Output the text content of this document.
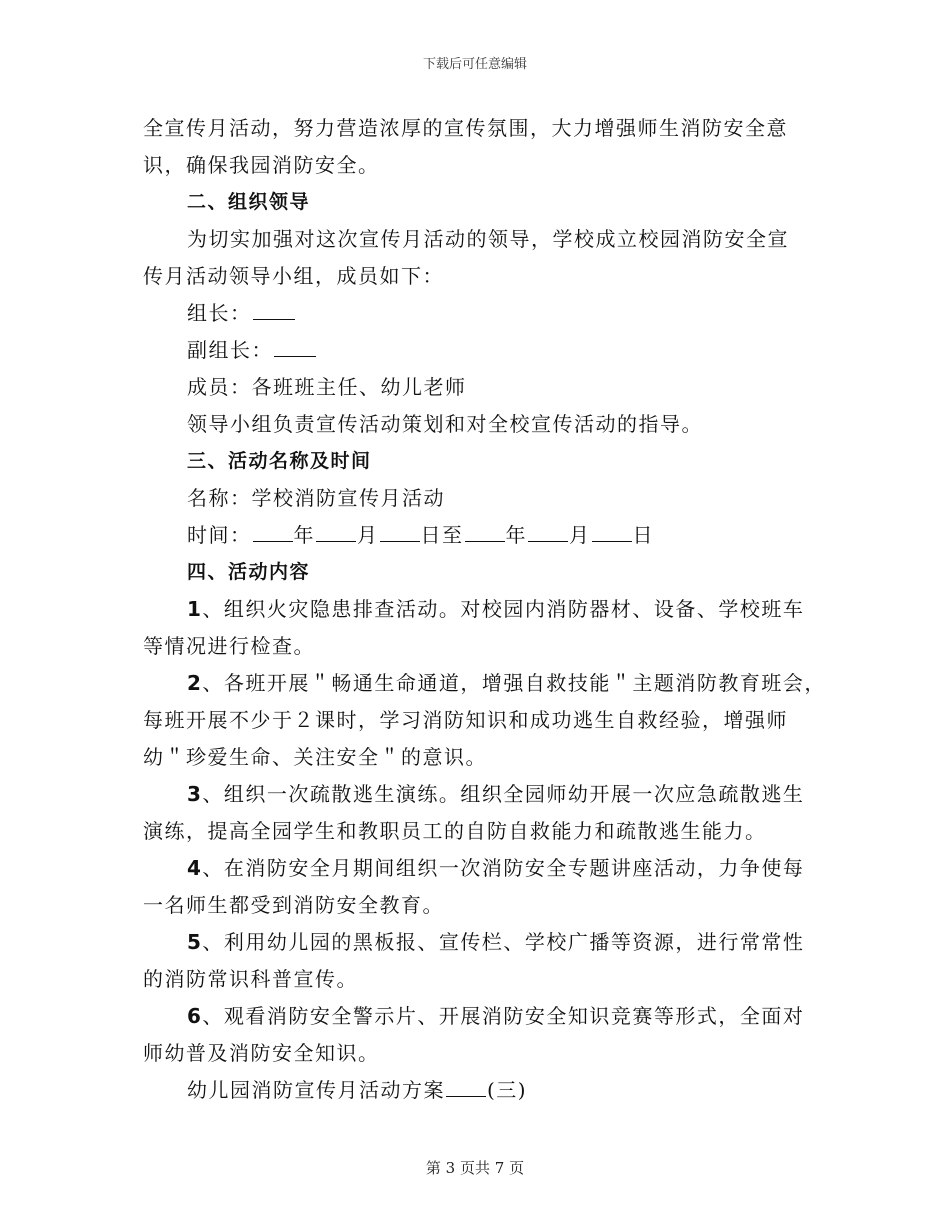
下载后可任意编辑
全宣传月活动，努力营造浓厚的宣传氛围，大力增强师生消防安全意
识，确保我园消防安全。
二、组织领导
为切实加强对这次宣传月活动的领导，学校成立校园消防安全宣
传月活动领导小组，成员如下：
组长：
副组长：
成员：各班班主任、幼儿老师
领导小组负责宣传活动策划和对全校宣传活动的指导。
三、活动名称及时间
名称：学校消防宣传月活动
时间： 年 月 日至 年 月 日
四、活动内容
1、组织火灾隐患排查活动。对校园内消防器材、设备、学校班车
等情况进行检查。
2、各班开展＂畅通生命通道，增强自救技能＂主题消防教育班会，
每班开展不少于２课时，学习消防知识和成功逃生自救经验，增强师
幼＂珍爱生命、关注安全＂的意识。
3、组织一次疏散逃生演练。组织全园师幼开展一次应急疏散逃生
演练，提高全园学生和教职员工的自防自救能力和疏散逃生能力。
4、在消防安全月期间组织一次消防安全专题讲座活动，力争使每
一名师生都受到消防安全教育。
5、利用幼儿园的黑板报、宣传栏、学校广播等资源，进行常常性
的消防常识科普宣传。
6、观看消防安全警示片、开展消防安全知识竞赛等形式，全面对
师幼普及消防安全知识。
幼儿园消防宣传月活动方案 (三)
第 3 页共 7 页
